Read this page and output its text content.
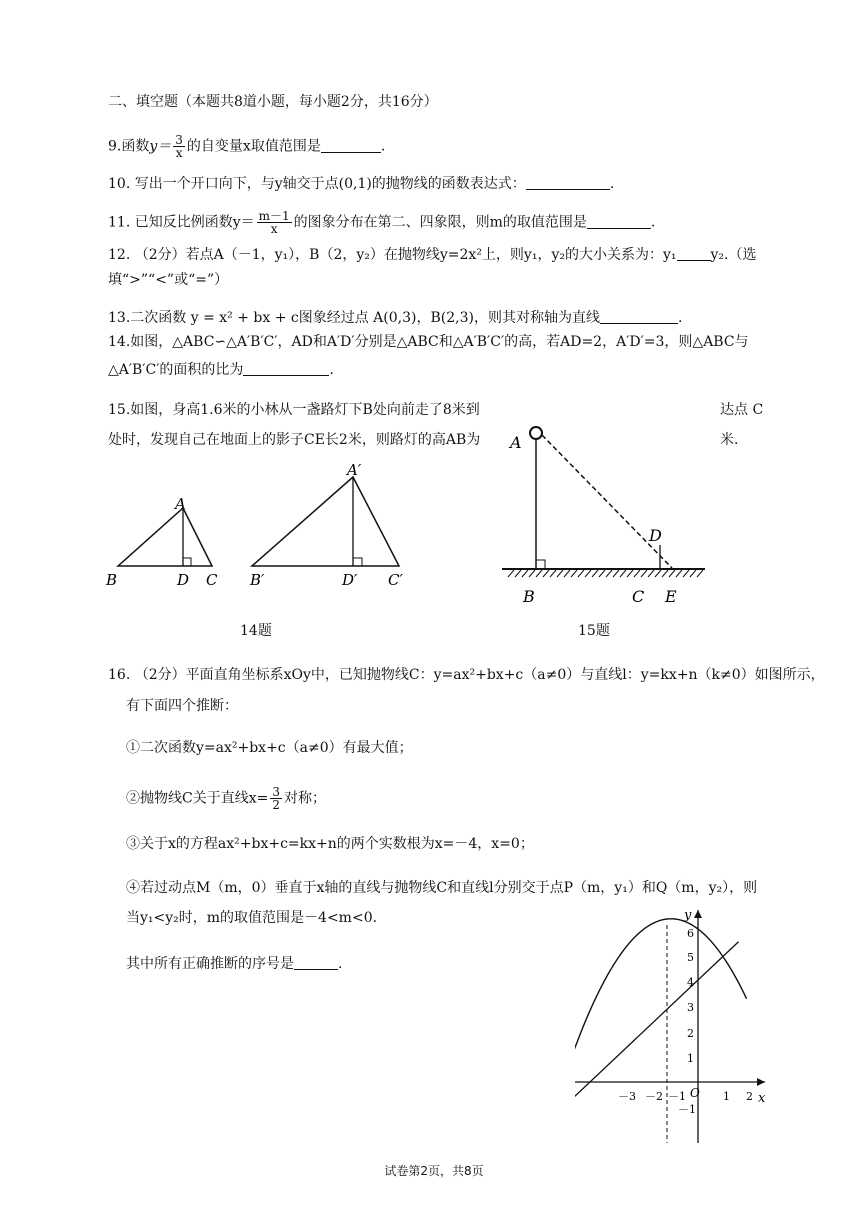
二、填空题（本题共8道小题，每小题2分，共16分）
9.函数$y= \frac{3}{x}$ 的自变量x取值范围是	.
10. 写出一个开口向下，与y轴交于点(0,1)的抛物线的函数表达式：	.
11. 已知反比例函数$y= \frac{m-1}{x}$ 的图象分布在第二、四象限，则m的取值范围是	.
12. （2分）若点A（－1，y₁），B（2，y₂）在抛物线y=2x²上，则y₁，y₂的大小关系为：y₁ y₂.（选
填“>”“<”或“=”）
13.二次函数 y = x² + bx + c图象经过点 A(0,3)，B(2,3)，则其对称轴为直线	.
14.如图，△ABC∽△A′B′C′，AD和A′D′分别是△ABC和△A′B′C′的高，若AD=2，A′D′=3，则△ABC与
△A′B′C′的面积的比为	.
15.如图，身高1.6米的小林从一盏路灯下B处向前走了8米到	达点 C
处时，发现自己在地面上的影子CE长2米，则路灯的高AB为	米.
A
B	D C
A′
B′	D′ C′
14题
A
D
B	C E
15题
16. （2分）平面直角坐标系xOy中，已知抛物线C：y=ax²+bx+c（a≠0）与直线l：y=kx+n（k≠0）如图所示，
有下面四个推断：
①二次函数y=ax²+bx+c（a≠0）有最大值；
②抛物线C关于直线$x= \frac{3}{2}$ 对称；
③关于x的方程ax²+bx+c=kx+n的两个实数根为x=－4，x=0；
④若过动点M（m，0）垂直于x轴的直线与抛物线C和直线l分别交于点P（m，y₁）和Q（m，y₂），则
当y₁<y₂时，m的取值范围是－4<m<0.
其中所有正确推断的序号是	.
y
x
O
6
5
4
3
2
1
－1
－3 －2 －1	1 2
试卷第2页，共8页
